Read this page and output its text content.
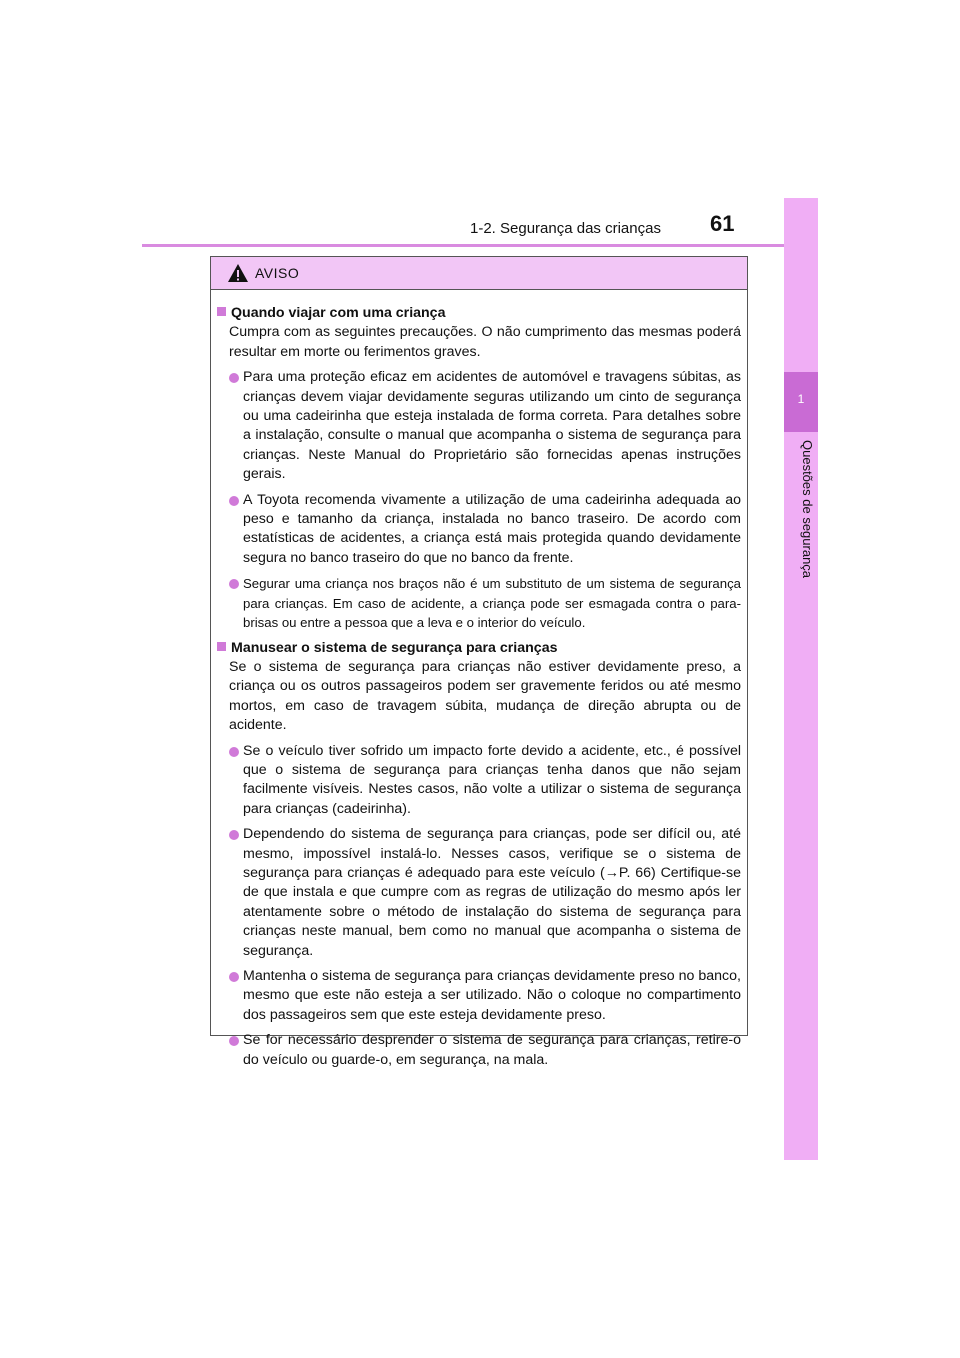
1-2. Segurança das crianças	61
1
Questões de segurança
AVISO
Quando viajar com uma criança

Cumpra com as seguintes precauções. O não cumprimento das mesmas poderá resultar em morte ou ferimentos graves.

Para uma proteção eficaz em acidentes de automóvel e travagens súbitas, as crianças devem viajar devidamente seguras utilizando um cinto de segurança ou uma cadeirinha que esteja instalada de forma correta. Para detalhes sobre a instalação, consulte o manual que acompanha o sistema de segurança para crianças. Neste Manual do Proprietário são fornecidas apenas instruções gerais.
A Toyota recomenda vivamente a utilização de uma cadeirinha adequada ao peso e tamanho da criança, instalada no banco traseiro. De acordo com estatísticas de acidentes, a criança está mais protegida quando devidamente segura no banco traseiro do que no banco da frente.
Segurar uma criança nos braços não é um substituto de um sistema de segurança para crianças. Em caso de acidente, a criança pode ser esmagada contra o para-brisas ou entre a pessoa que a leva e o interior do veículo.
Manusear o sistema de segurança para crianças

Se o sistema de segurança para crianças não estiver devidamente preso, a criança ou os outros passageiros podem ser gravemente feridos ou até mesmo mortos, em caso de travagem súbita, mudança de direção abrupta ou de acidente.

Se o veículo tiver sofrido um impacto forte devido a acidente, etc., é possível que o sistema de segurança para crianças tenha danos que não sejam facilmente visíveis. Nestes casos, não volte a utilizar o sistema de segurança para crianças (cadeirinha).
Dependendo do sistema de segurança para crianças, pode ser difícil ou, até mesmo, impossível instalá-lo. Nesses casos, verifique se o sistema de segurança para crianças é adequado para este veículo (→P. 66) Certifique-se de que instala e que cumpre com as regras de utilização do mesmo após ler atentamente sobre o método de instalação do sistema de segurança para crianças neste manual, bem como no manual que acompanha o sistema de segurança.
Mantenha o sistema de segurança para crianças devidamente preso no banco, mesmo que este não esteja a ser utilizado. Não o coloque no compartimento dos passageiros sem que este esteja devidamente preso.
Se for necessário desprender o sistema de segurança para crianças, retire-o do veículo ou guarde-o, em segurança, na mala.
